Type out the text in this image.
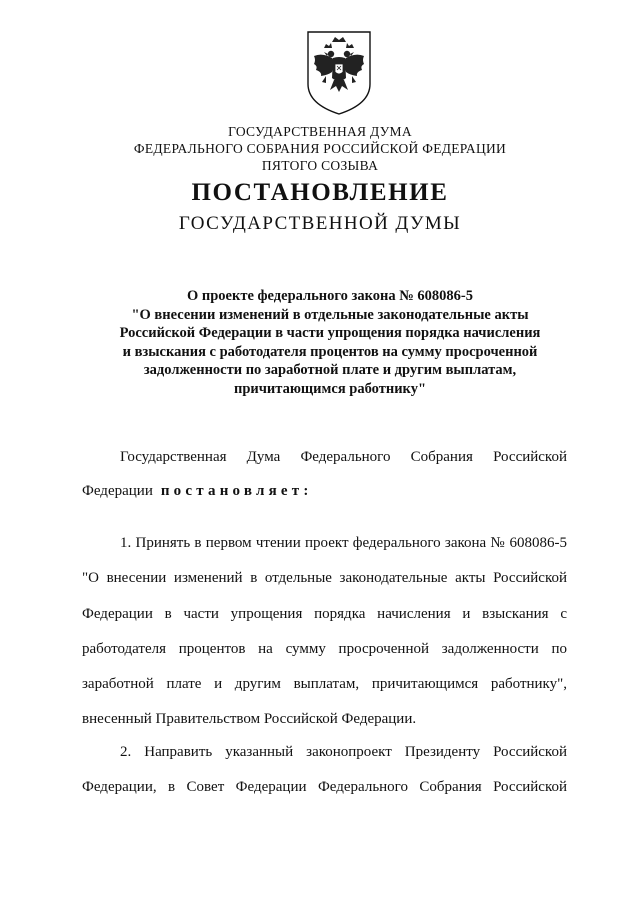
ГОСУДАРСТВЕННАЯ ДУМА
ФЕДЕРАЛЬНОГО СОБРАНИЯ РОССИЙСКОЙ ФЕДЕРАЦИИ
ПЯТОГО СОЗЫВА
ПОСТАНОВЛЕНИЕ
ГОСУДАРСТВЕННОЙ ДУМЫ
О проекте федерального закона № 608086-5
"О внесении изменений в отдельные законодательные акты
Российской Федерации в части упрощения порядка начисления
и взыскания с работодателя процентов на сумму просроченной
задолженности по заработной плате и другим выплатам,
причитающимся работнику"
Государственная Дума Федерального Собрания Российской
Федерации постановляет:
1. Принять в первом чтении проект федерального закона № 608086-5
"О внесении изменений в отдельные законодательные акты Российской
Федерации в части упрощения порядка начисления и взыскания с
работодателя процентов на сумму просроченной задолженности по
заработной плате и другим выплатам, причитающимся работнику",
внесенный Правительством Российской Федерации.
2. Направить указанный законопроект Президенту Российской
Федерации, в Совет Федерации Федерального Собрания Российской
